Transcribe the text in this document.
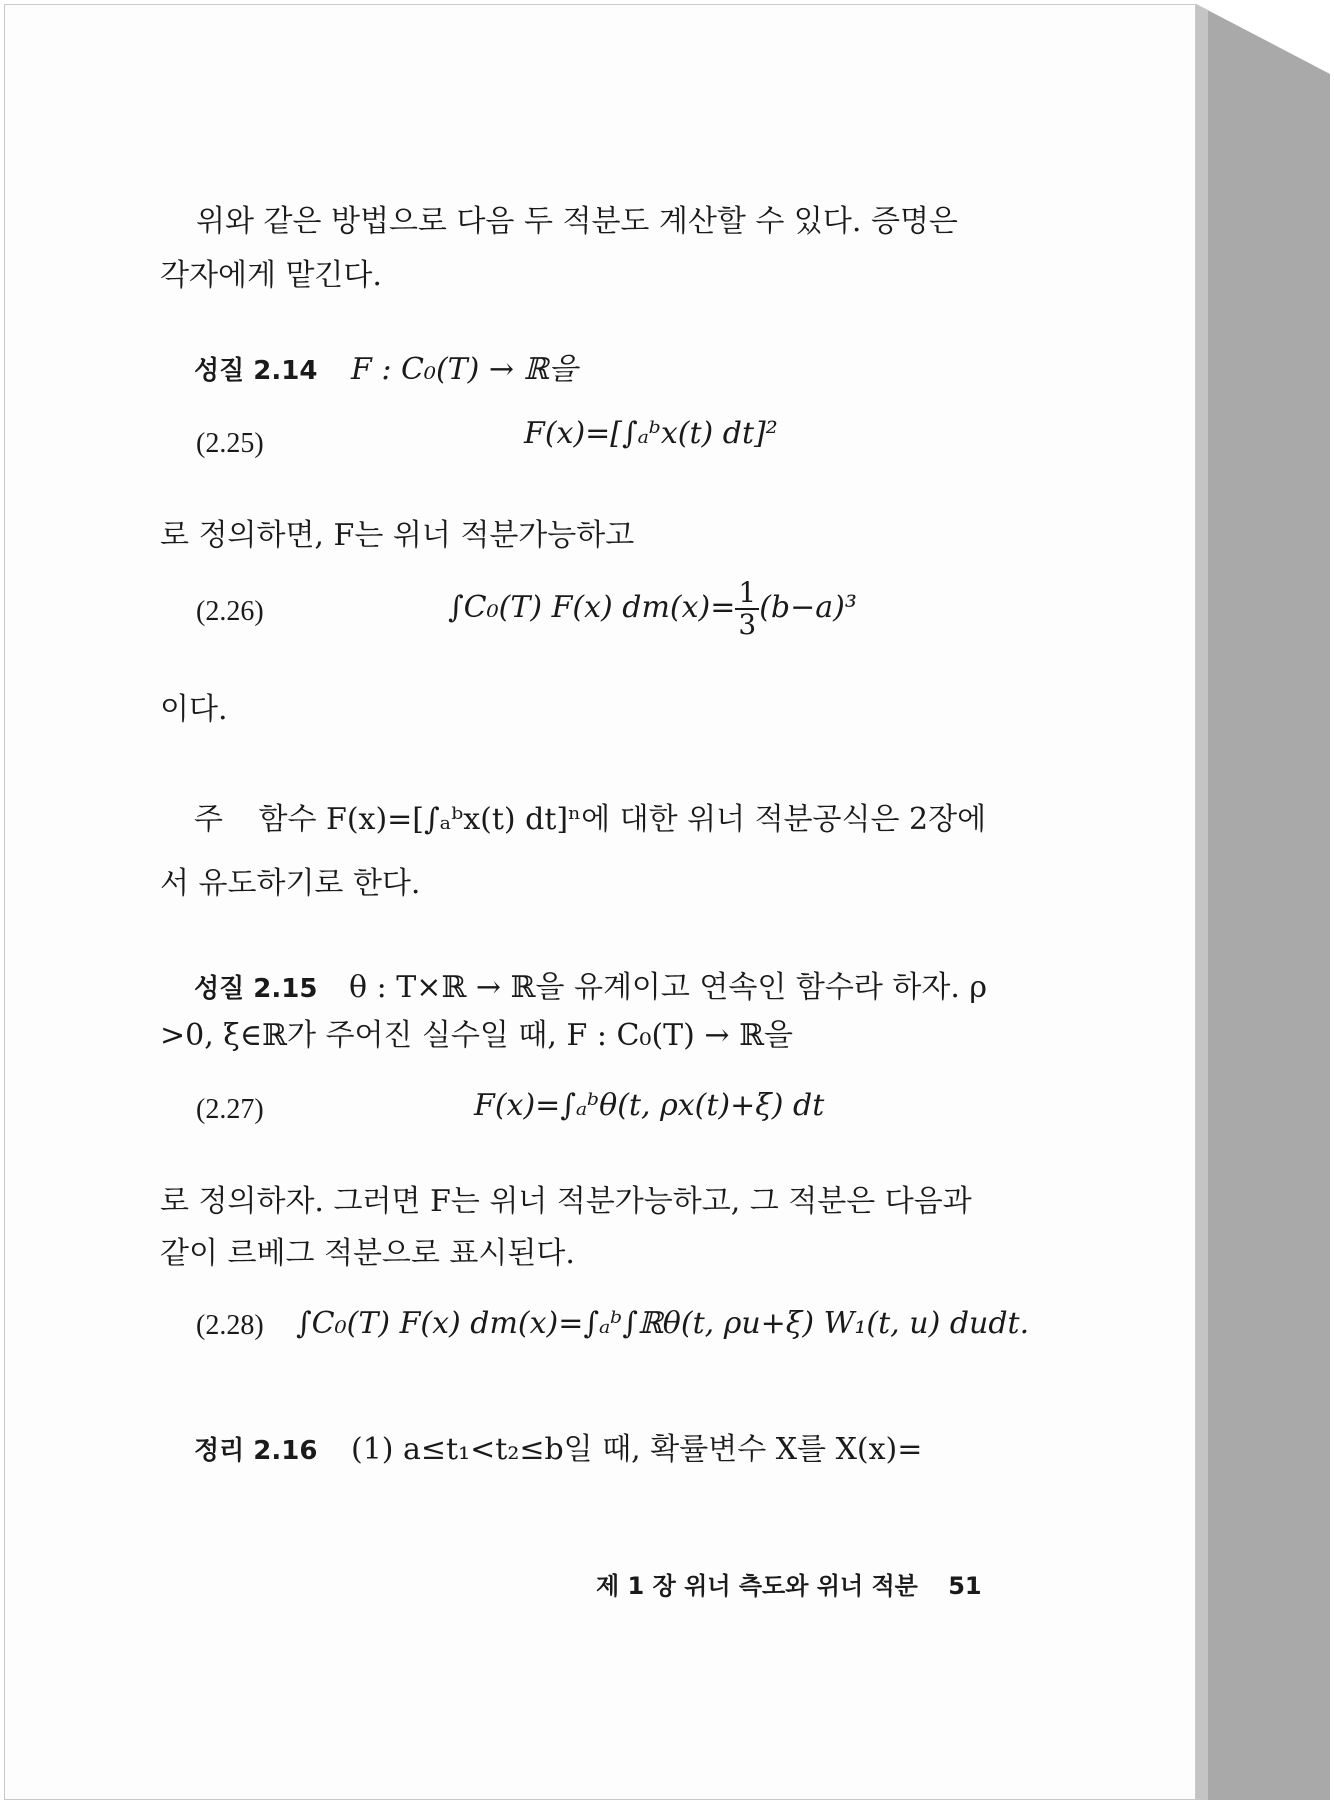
위와 같은 방법으로 다음 두 적분도 계산할 수 있다. 증명은
각자에게 맡긴다.
성질 2.14 F : C₀(T) → ℝ을
(2.25)	F(x)=[∫ₐᵇx(t) dt]²
로 정의하면, F는 위너 적분가능하고
(2.26)	∫C₀(T) F(x) $dm(x)= \frac{1}{3} (b-a)^3$
이다.
주 함수 F(x)=[∫ₐᵇx(t) dt]ⁿ에 대한 위너 적분공식은 2장에
서 유도하기로 한다.
성질 2.15 θ : T×ℝ → ℝ을 유계이고 연속인 함수라 하자. ρ
>0, ξ∈ℝ가 주어진 실수일 때, F : C₀(T) → ℝ을
(2.27)	F(x)=∫ₐᵇθ(t, ρx(t)+ξ) dt
로 정의하자. 그러면 F는 위너 적분가능하고, 그 적분은 다음과
같이 르베그 적분으로 표시된다.
(2.28) ∫C₀(T) F(x) dm(x)=∫ₐᵇ∫ℝθ(t, ρu+ξ) W₁(t, u) dudt.
정리 2.16 (1) a≤t₁<t₂≤b일 때, 확률변수 X를 X(x)=
제 1 장 위너 측도와 위너 적분 51
